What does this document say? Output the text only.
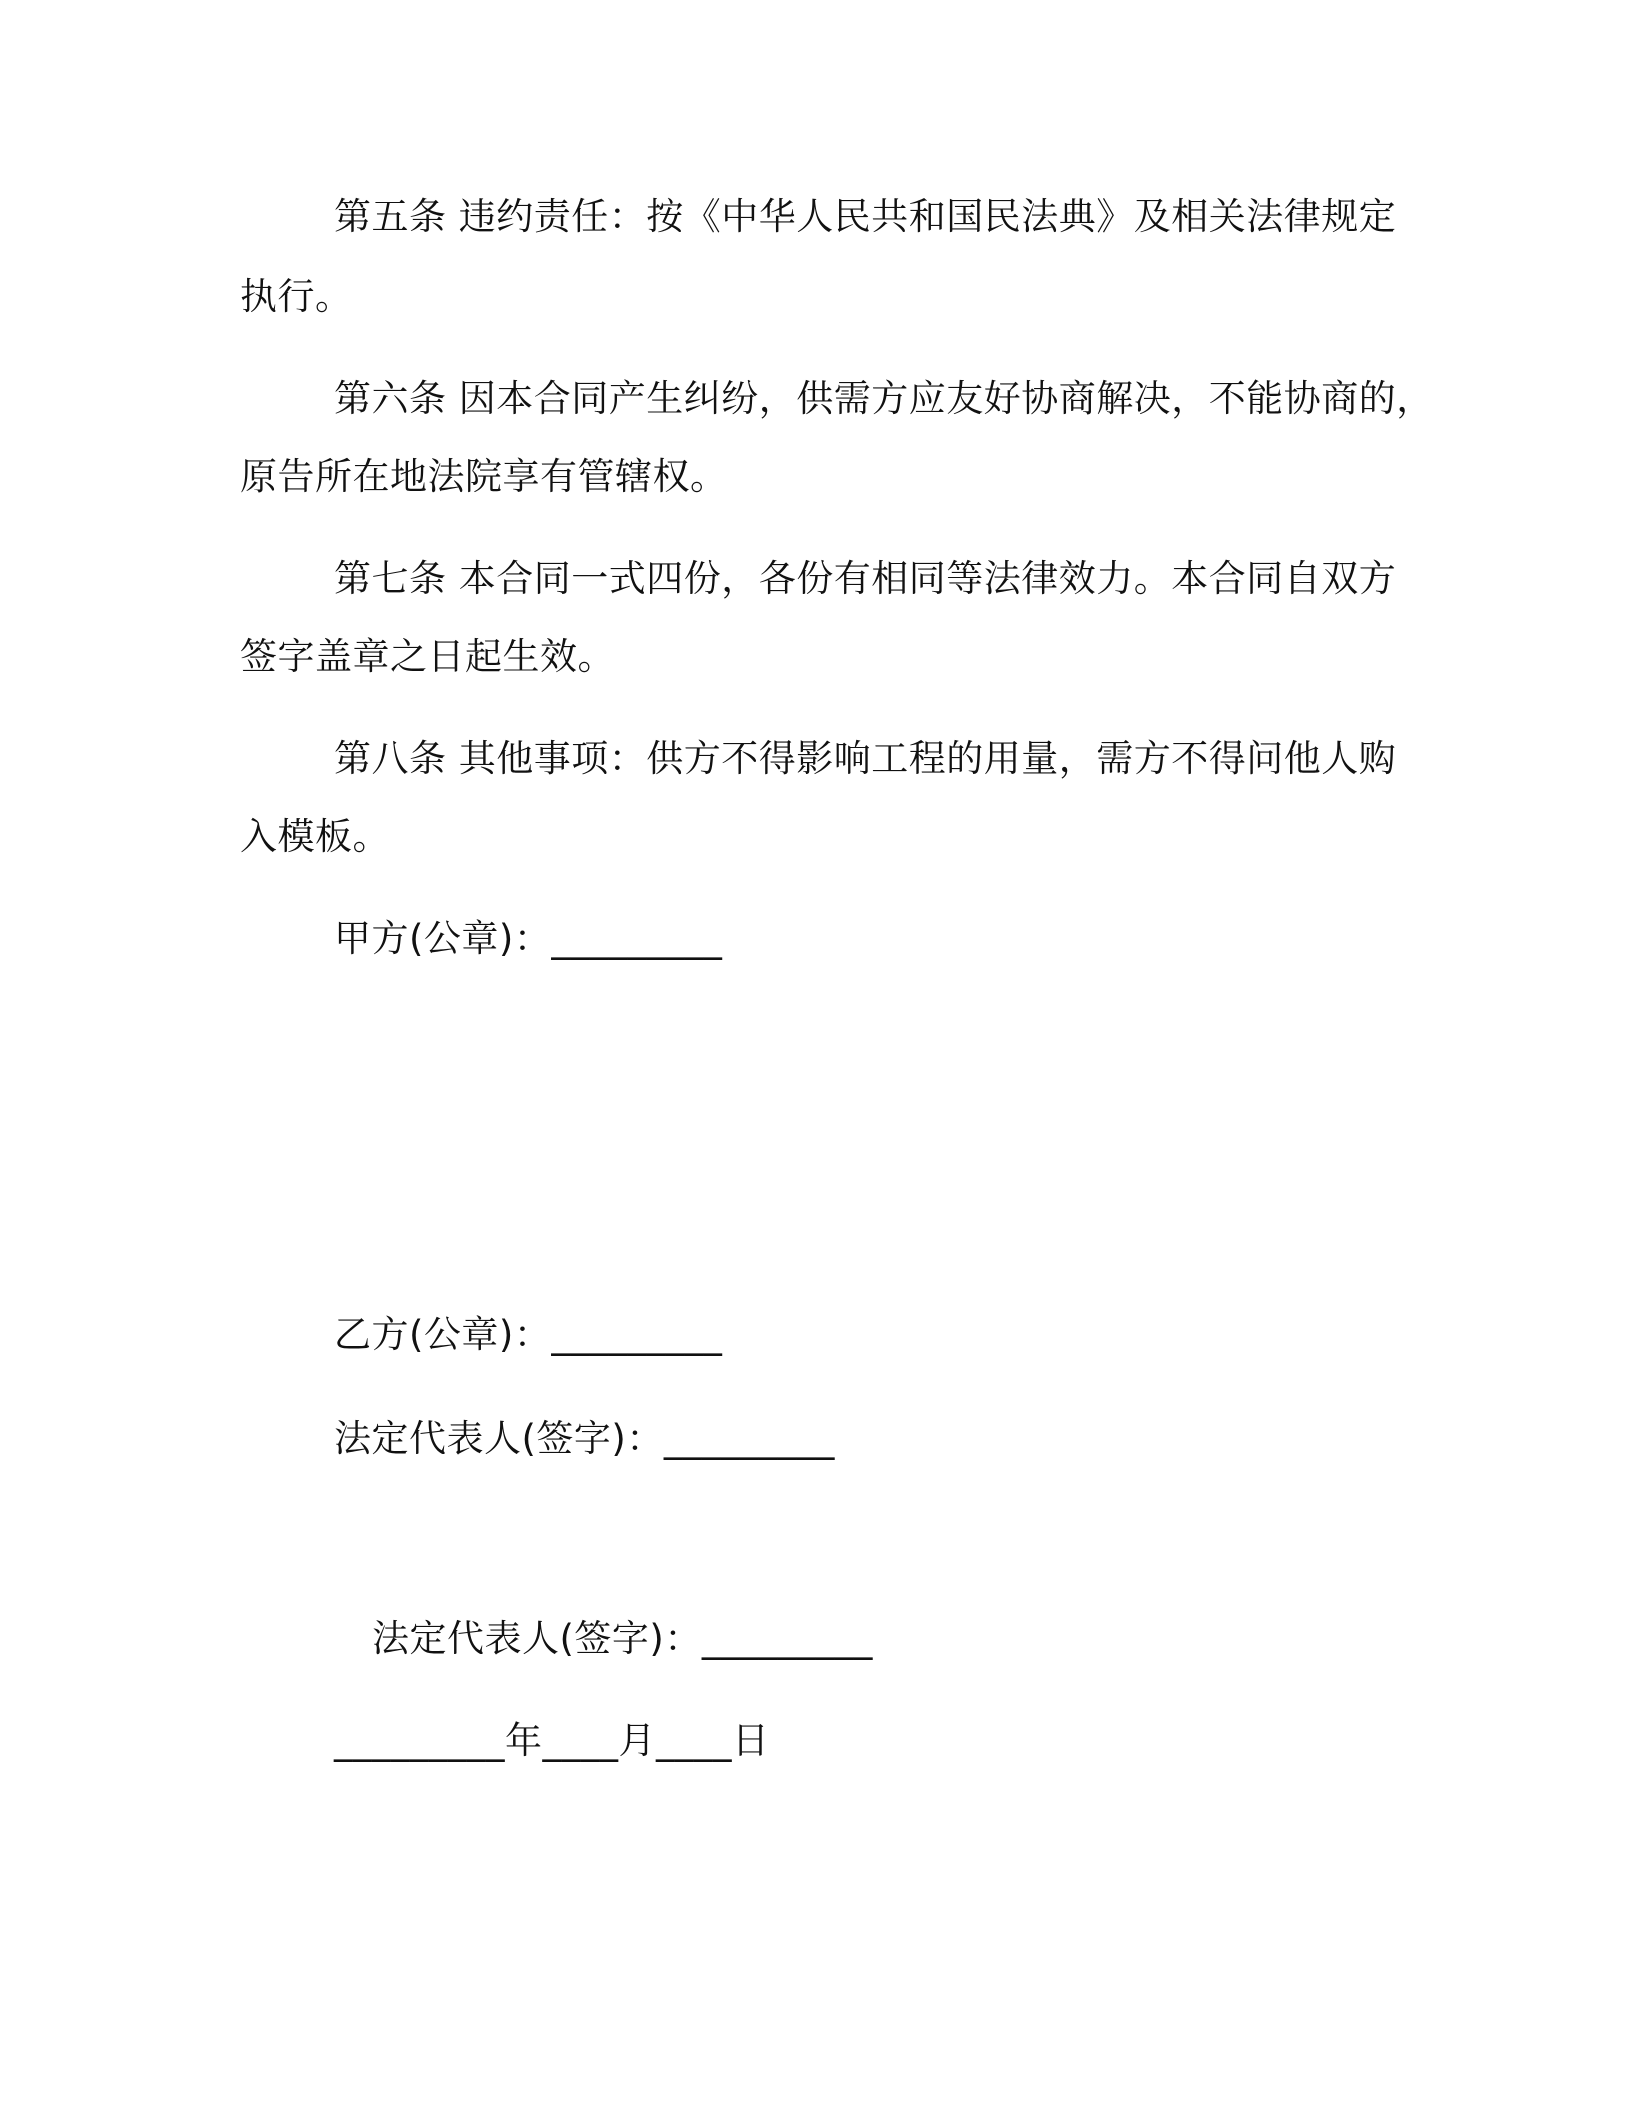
第五条 违约责任：按《中华人民共和国民法典》及相关法律规定
执行。
第六条 因本合同产生纠纷，供需方应友好协商解决，不能协商的，
原告所在地法院享有管辖权。
第七条 本合同一式四份，各份有相同等法律效力。本合同自双方
签字盖章之日起生效。
第八条 其他事项：供方不得影响工程的用量，需方不得问他人购
入模板。
甲方(公章)：_________
乙方(公章)：_________
法定代表人(签字)：_________
法定代表人(签字)：_________
_________年____月____日
